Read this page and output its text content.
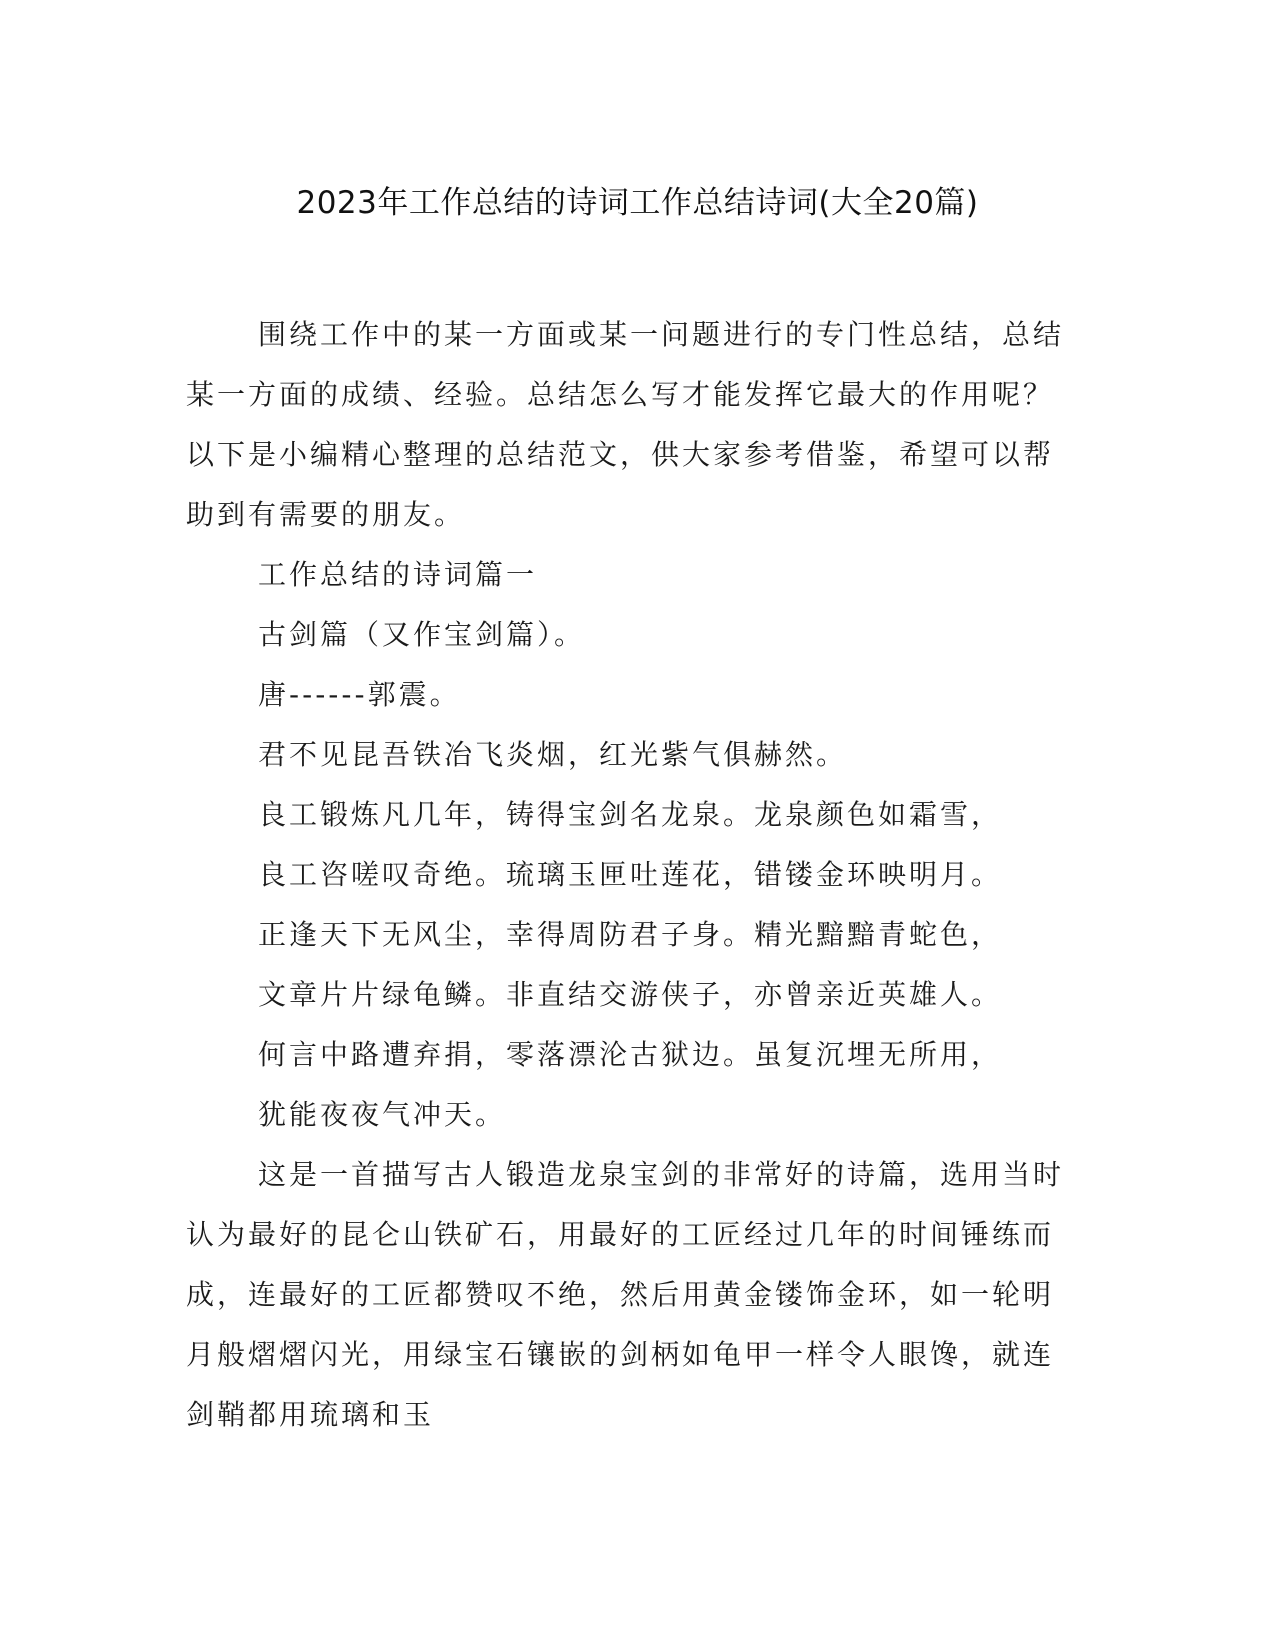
2023年工作总结的诗词工作总结诗词(大全20篇)

围绕工作中的某一方面或某一问题进行的专门性总结，总结某一方面的成绩、经验。总结怎么写才能发挥它最大的作用呢？以下是小编精心整理的总结范文，供大家参考借鉴，希望可以帮助到有需要的朋友。

工作总结的诗词篇一

古剑篇（又作宝剑篇）。

唐------郭震。

君不见昆吾铁冶飞炎烟，红光紫气俱赫然。

良工锻炼凡几年，铸得宝剑名龙泉。龙泉颜色如霜雪，

良工咨嗟叹奇绝。琉璃玉匣吐莲花，错镂金环映明月。

正逢天下无风尘，幸得周防君子身。精光黯黯青蛇色，

文章片片绿龟鳞。非直结交游侠子，亦曾亲近英雄人。

何言中路遭弃捐，零落漂沦古狱边。虽复沉埋无所用，

犹能夜夜气冲天。

这是一首描写古人锻造龙泉宝剑的非常好的诗篇，选用当时认为最好的昆仑山铁矿石，用最好的工匠经过几年的时间锤练而成，连最好的工匠都赞叹不绝，然后用黄金镂饰金环，如一轮明月般熠熠闪光，用绿宝石镶嵌的剑柄如龟甲一样令人眼馋，就连剑鞘都用琉璃和玉
